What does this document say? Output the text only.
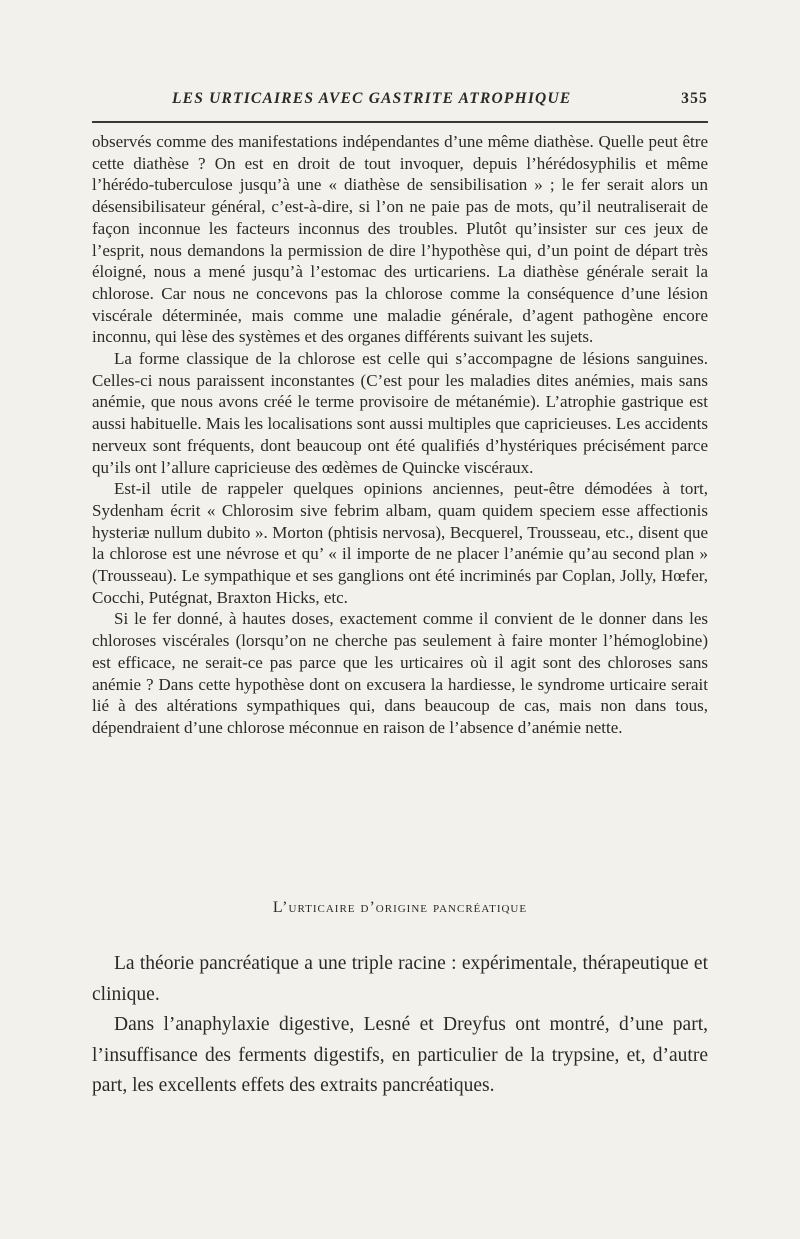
LES URTICAIRES AVEC GASTRITE ATROPHIQUE	355

observés comme des manifestations indépendantes d’une même diathèse. Quelle peut être cette diathèse ? On est en droit de tout invoquer, depuis l’hérédosyphilis et même l’hérédo-tuberculose jusqu’à une « diathèse de sensibilisation » ; le fer serait alors un désensibilisateur général, c’est-à-dire, si l’on ne paie pas de mots, qu’il neutraliserait de façon inconnue les facteurs inconnus des troubles. Plutôt qu’insister sur ces jeux de l’esprit, nous demandons la permission de dire l’hypothèse qui, d’un point de départ très éloigné, nous a mené jusqu’à l’estomac des urticariens. La diathèse générale serait la chlorose. Car nous ne concevons pas la chlorose comme la conséquence d’une lésion viscérale déterminée, mais comme une maladie générale, d’agent pathogène encore inconnu, qui lèse des systèmes et des organes différents suivant les sujets.

La forme classique de la chlorose est celle qui s’accompagne de lésions sanguines. Celles-ci nous paraissent inconstantes (C’est pour les maladies dites anémies, mais sans anémie, que nous avons créé le terme provisoire de métanémie). L’atrophie gastrique est aussi habituelle. Mais les localisations sont aussi multiples que capricieuses. Les accidents nerveux sont fréquents, dont beaucoup ont été qualifiés d’hystériques précisément parce qu’ils ont l’allure capricieuse des œdèmes de Quincke viscéraux.

Est-il utile de rappeler quelques opinions anciennes, peut-être démodées à tort, Sydenham écrit « Chlorosim sive febrim albam, quam quidem speciem esse affectionis hysteriæ nullum dubito ». Morton (phtisis nervosa), Becquerel, Trousseau, etc., disent que la chlorose est une névrose et qu’ « il importe de ne placer l’anémie qu’au second plan » (Trousseau). Le sympathique et ses ganglions ont été incriminés par Coplan, Jolly, Hœfer, Cocchi, Putégnat, Braxton Hicks, etc.

Si le fer donné, à hautes doses, exactement comme il convient de le donner dans les chloroses viscérales (lorsqu’on ne cherche pas seulement à faire monter l’hémoglobine) est efficace, ne serait-ce pas parce que les urticaires où il agit sont des chloroses sans anémie ? Dans cette hypothèse dont on excusera la hardiesse, le syndrome urticaire serait lié à des altérations sympathiques qui, dans beaucoup de cas, mais non dans tous, dépendraient d’une chlorose méconnue en raison de l’absence d’anémie nette.

L’urticaire d’origine pancréatique

La théorie pancréatique a une triple racine : expérimentale, thérapeutique et clinique.

Dans l’anaphylaxie digestive, Lesné et Dreyfus ont montré, d’une part, l’insuffisance des ferments digestifs, en particulier de la trypsine, et, d’autre part, les excellents effets des extraits pancréatiques.
